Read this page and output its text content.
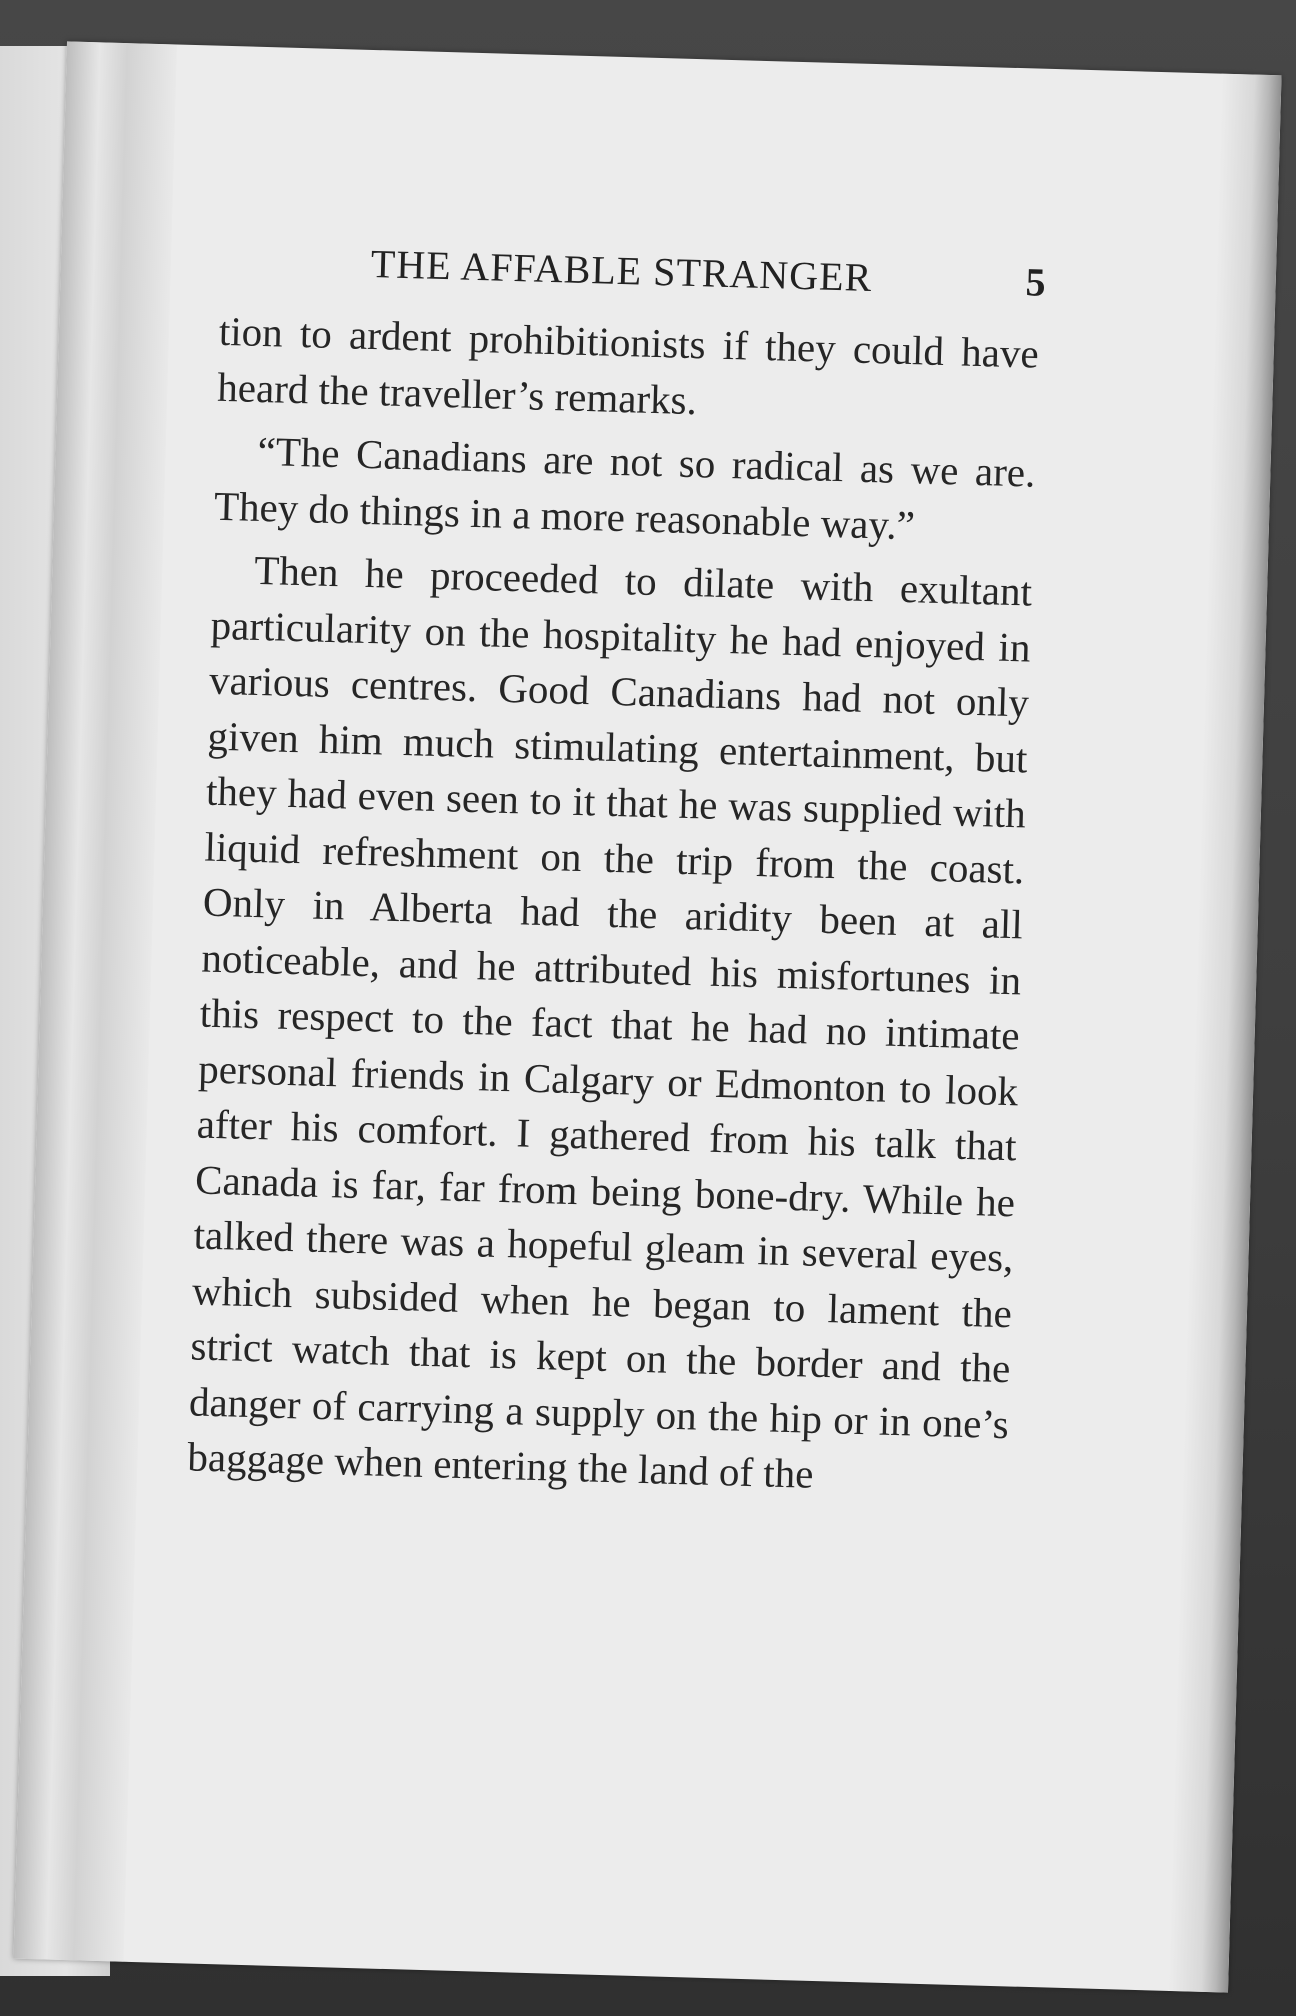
THE AFFABLE STRANGER	5

tion to ardent prohibitionists if they could have heard the traveller’s remarks.

“The Canadians are not so radical as we are. They do things in a more reasonable way.”

Then he proceeded to dilate with exultant particularity on the hospitality he had enjoyed in various centres. Good Canadians had not only given him much stimulating entertainment, but they had even seen to it that he was supplied with liquid refreshment on the trip from the coast. Only in Alberta had the aridity been at all noticeable, and he attributed his misfortunes in this respect to the fact that he had no intimate personal friends in Calgary or Edmonton to look after his comfort. I gathered from his talk that Canada is far, far from being bone-dry. While he talked there was a hopeful gleam in several eyes, which subsided when he began to lament the strict watch that is kept on the border and the danger of carrying a supply on the hip or in one’s baggage when entering the land of the
